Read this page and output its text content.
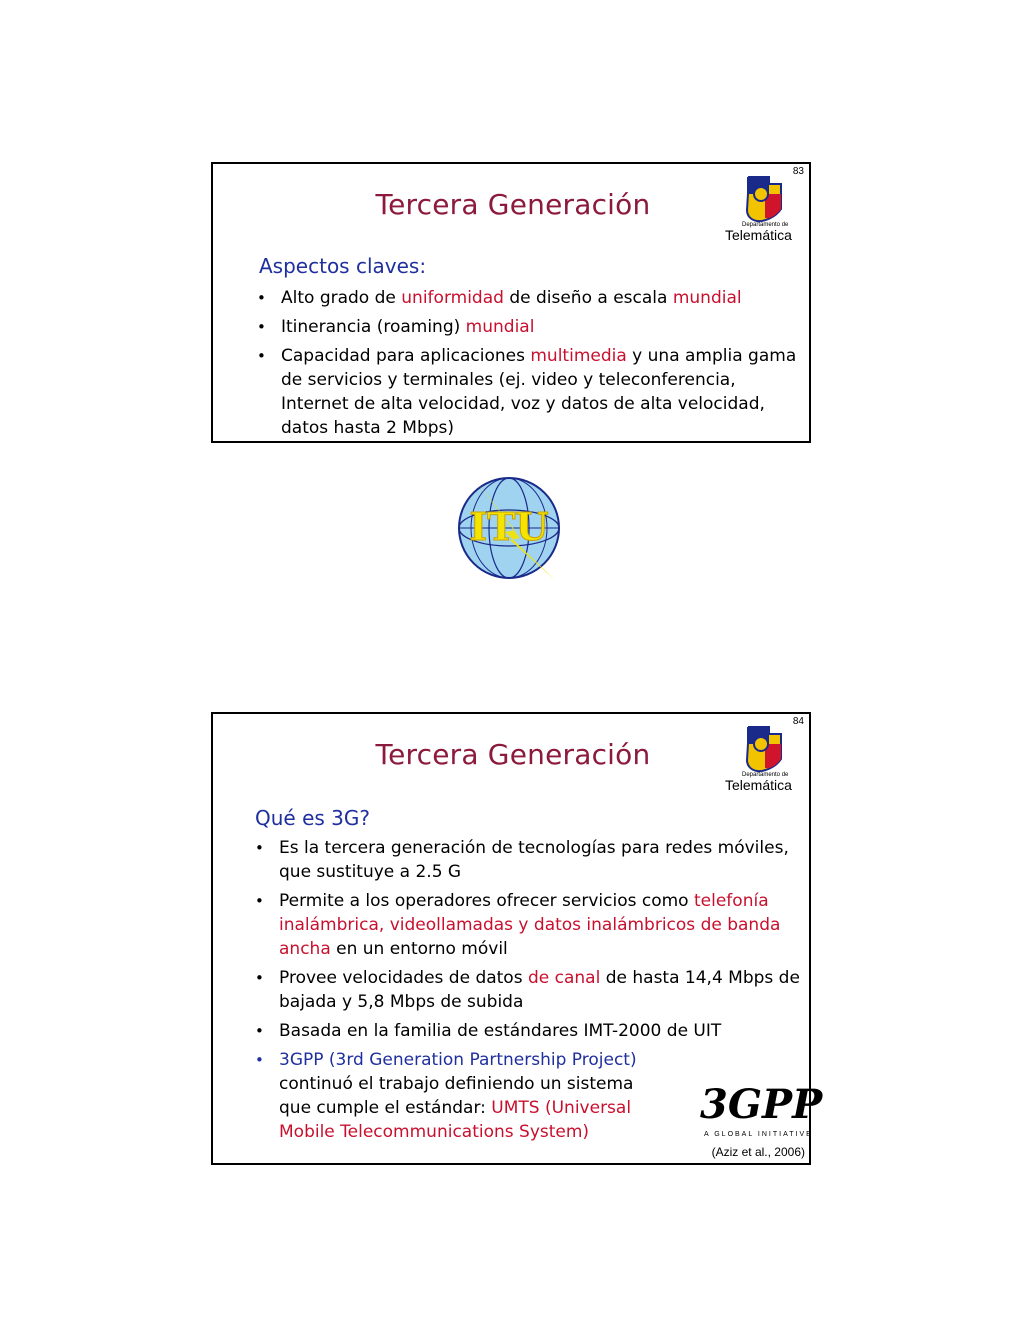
83
Tercera Generación
Departamento de
Telemática
Aspectos claves:
• Alto grado de uniformidad de diseño a escala mundial
• Itinerancia (roaming) mundial
• Capacidad para aplicaciones multimedia y una amplia gama de servicios y terminales (ej. video y teleconferencia, Internet de alta velocidad, voz y datos de alta velocidad, datos hasta 2 Mbps)
ITU
84
Tercera Generación
Departamento de
Telemática
Qué es 3G?
• Es la tercera generación de tecnologías para redes móviles, que sustituye a 2.5 G
• Permite a los operadores ofrecer servicios como telefonía inalámbrica, videollamadas y datos inalámbricos de banda ancha en un entorno móvil
• Provee velocidades de datos de canal de hasta 14,4 Mbps de bajada y 5,8 Mbps de subida
• Basada en la familia de estándares IMT-2000 de UIT
• 3GPP (3rd Generation Partnership Project) continuó el trabajo definiendo un sistema que cumple el estándar: UMTS (Universal Mobile Telecommunications System)
3GPP
A GLOBAL INITIATIVE
(Aziz et al., 2006)
